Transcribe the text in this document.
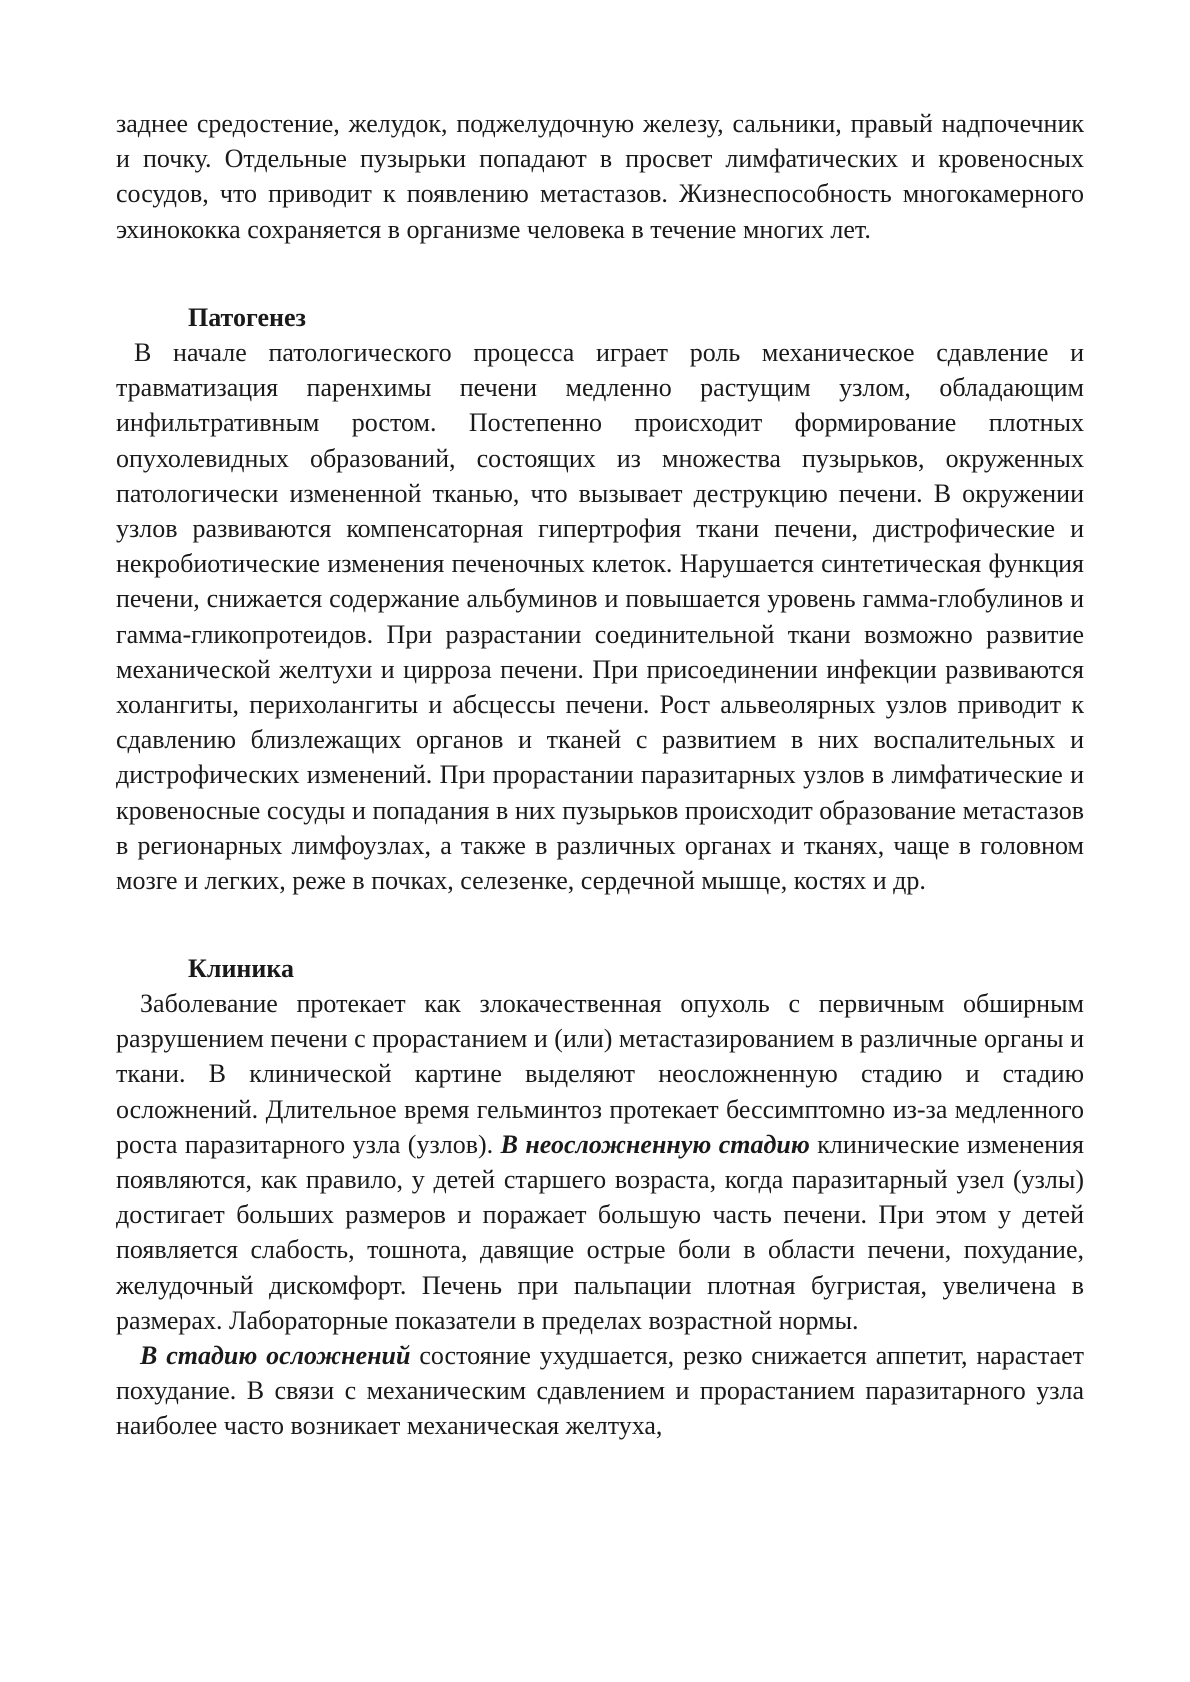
заднее средостение, желудок, поджелудочную железу, сальники, правый надпочечник и почку. Отдельные пузырьки попадают в просвет лимфатических и кровеносных сосудов, что приводит к появлению метастазов. Жизнеспособность многокамерного эхинококка сохраняется в организме человека в течение многих лет.

Патогенез

В начале патологического процесса играет роль механическое сдавление и травматизация паренхимы печени медленно растущим узлом, обладающим инфильтративным ростом. Постепенно происходит формирование плотных опухолевидных образований, состоящих из множества пузырьков, окруженных патологически измененной тканью, что вызывает деструкцию печени. В окружении узлов развиваются компенсаторная гипертрофия ткани печени, дистрофические и некробиотические изменения печеночных клеток. Нарушается синтетическая функция печени, снижается содержание альбуминов и повышается уровень гамма-глобулинов и гамма-гликопротеидов. При разрастании соединительной ткани возможно развитие механической желтухи и цирроза печени. При присоединении инфекции развиваются холангиты, перихолангиты и абсцессы печени. Рост альвеолярных узлов приводит к сдавлению близлежащих органов и тканей с развитием в них воспалительных и дистрофических изменений. При прорастании паразитарных узлов в лимфатические и кровеносные сосуды и попадания в них пузырьков происходит образование метастазов в регионарных лимфоузлах, а также в различных органах и тканях, чаще в головном мозге и легких, реже в почках, селезенке, сердечной мышце, костях и др.

Клиника

Заболевание протекает как злокачественная опухоль с первичным обширным разрушением печени с прорастанием и (или) метастазированием в различные органы и ткани. В клинической картине выделяют неосложненную стадию и стадию осложнений. Длительное время гельминтоз протекает бессимптомно из-за медленного роста паразитарного узла (узлов). В неосложненную стадию клинические изменения появляются, как правило, у детей старшего возраста, когда паразитарный узел (узлы) достигает больших размеров и поражает большую часть печени. При этом у детей появляется слабость, тошнота, давящие острые боли в области печени, похудание, желудочный дискомфорт. Печень при пальпации плотная бугристая, увеличена в размерах. Лабораторные показатели в пределах возрастной нормы.

В стадию осложнений состояние ухудшается, резко снижается аппетит, нарастает похудание. В связи с механическим сдавлением и прорастанием паразитарного узла наиболее часто возникает механическая желтуха,
